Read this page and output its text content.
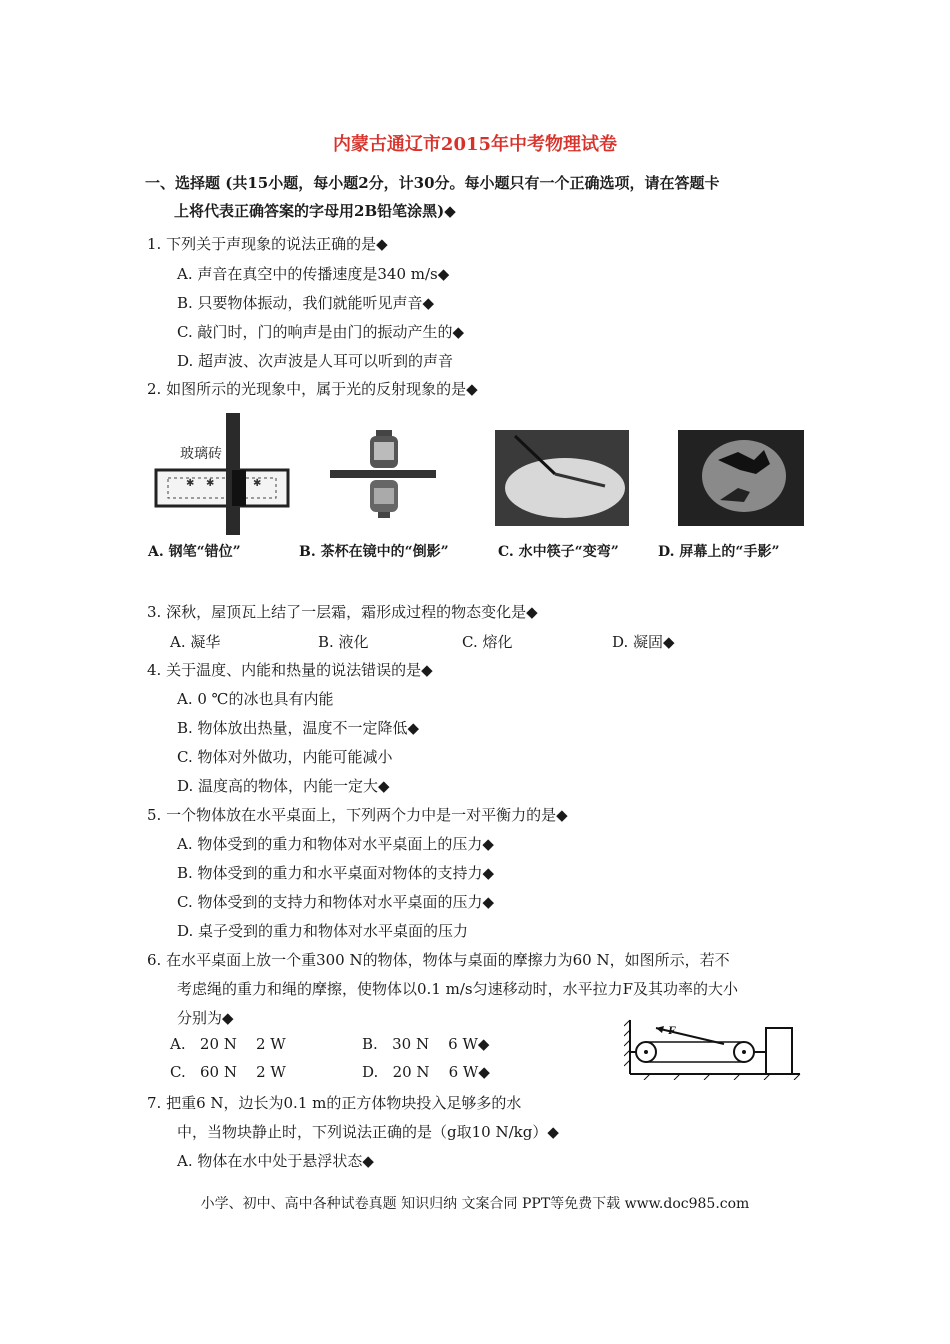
内蒙古通辽市2015年中考物理试卷
一、选择题 (共15小题，每小题2分，计30分。每小题只有一个正确选项，请在答题卡
上将代表正确答案的字母用2B铅笔涂黑)◆
1. 下列关于声现象的说法正确的是◆
A. 声音在真空中的传播速度是340 m/s◆
B. 只要物体振动，我们就能听见声音◆
C. 敲门时，门的响声是由门的振动产生的◆
D. 超声波、次声波是人耳可以听到的声音
2. 如图所示的光现象中，属于光的反射现象的是◆
✱ ✱	✱
玻璃砖
A. 钢笔“错位”	B. 茶杯在镜中的“倒影”	C. 水中筷子“变弯”	D. 屏幕上的“手影”
3. 深秋，屋顶瓦上结了一层霜，霜形成过程的物态变化是◆
A. 凝华	B. 液化	C. 熔化	D. 凝固◆
4. 关于温度、内能和热量的说法错误的是◆
A. 0 ℃的冰也具有内能
B. 物体放出热量，温度不一定降低◆
C. 物体对外做功，内能可能减小
D. 温度高的物体，内能一定大◆
5. 一个物体放在水平桌面上，下列两个力中是一对平衡力的是◆
A. 物体受到的重力和物体对水平桌面上的压力◆
B. 物体受到的重力和水平桌面对物体的支持力◆
C. 物体受到的支持力和物体对水平桌面的压力◆
D. 桌子受到的重力和物体对水平桌面的压力
6. 在水平桌面上放一个重300 N的物体，物体与桌面的摩擦力为60 N，如图所示，若不
考虑绳的重力和绳的摩擦，使物体以0.1 m/s匀速移动时，水平拉力F及其功率的大小
分别为◆
A.   20 N    2 W	B.   30 N    6 W◆
C.   60 N    2 W	D.   20 N    6 W◆
F
7. 把重6 N，边长为0.1 m的正方体物块投入足够多的水
中，当物块静止时，下列说法正确的是（g取10 N/kg）◆
A. 物体在水中处于悬浮状态◆
小学、初中、高中各种试卷真题 知识归纳 文案合同 PPT等免费下载 www.doc985.com
